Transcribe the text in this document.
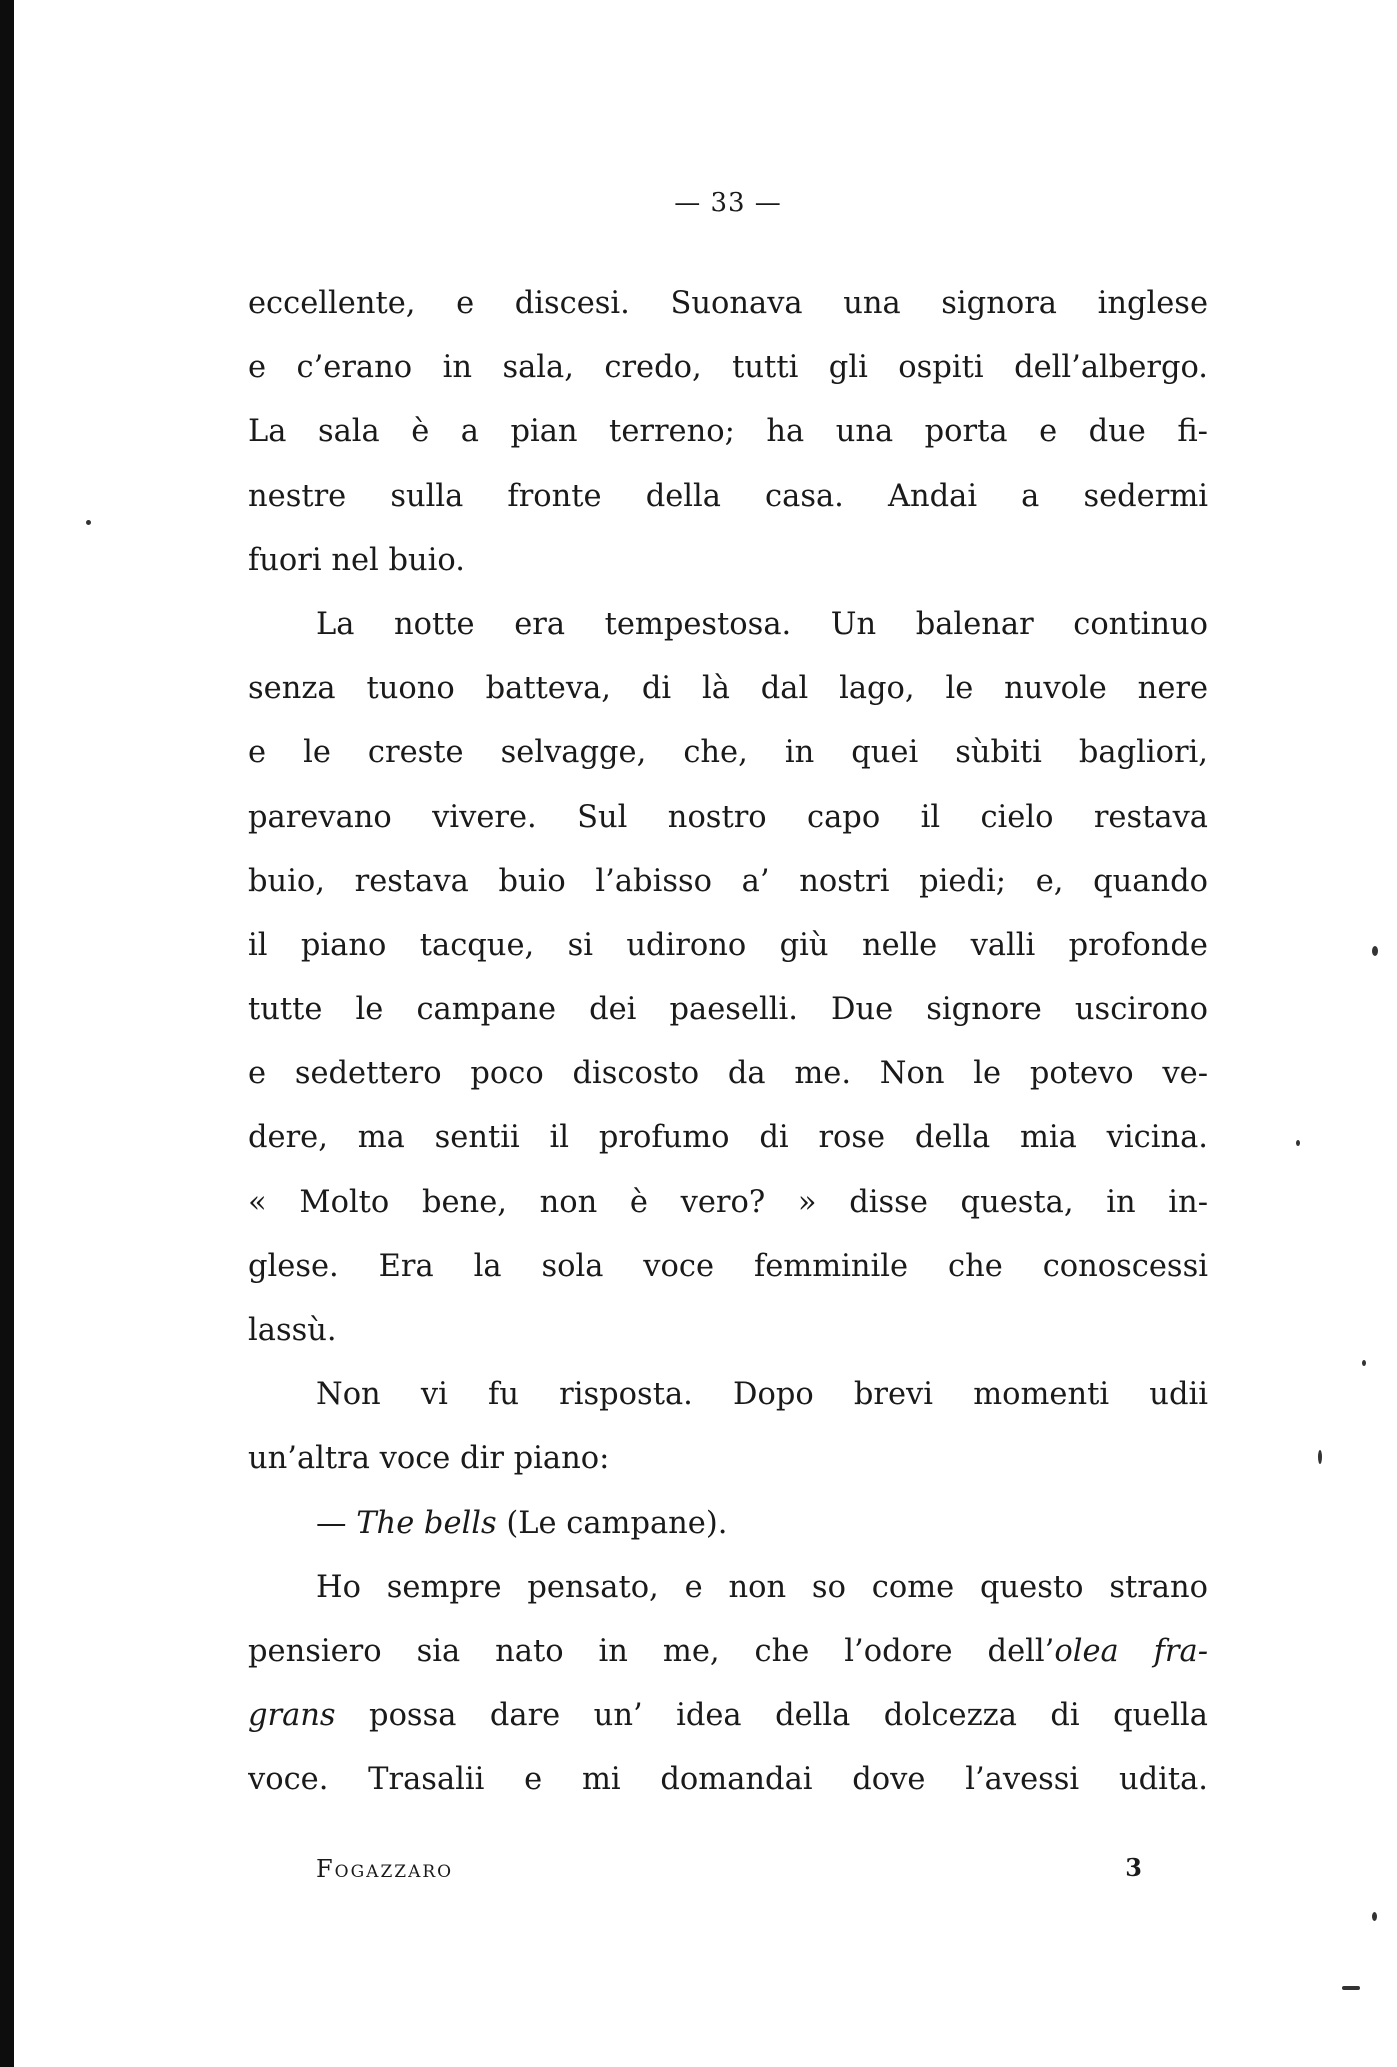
— 33 —
eccellente, e discesi. Suonava una signora inglese
e c’erano in sala, credo, tutti gli ospiti dell’albergo.
La sala è a pian terreno; ha una porta e due fi-
nestre sulla fronte della casa. Andai a sedermi
fuori nel buio.
La notte era tempestosa. Un balenar continuo
senza tuono batteva, di là dal lago, le nuvole nere
e le creste selvagge, che, in quei sùbiti bagliori,
parevano vivere. Sul nostro capo il cielo restava
buio, restava buio l’abisso a’ nostri piedi; e, quando
il piano tacque, si udirono giù nelle valli profonde
tutte le campane dei paeselli. Due signore uscirono
e sedettero poco discosto da me. Non le potevo ve-
dere, ma sentii il profumo di rose della mia vicina.
« Molto bene, non è vero? » disse questa, in in-
glese. Era la sola voce femminile che conoscessi
lassù.
Non vi fu risposta. Dopo brevi momenti udii
un’altra voce dir piano:
— The bells (Le campane).
Ho sempre pensato, e non so come questo strano
pensiero sia nato in me, che l’odore dell’olea fra-
grans possa dare un’ idea della dolcezza di quella
voce. Trasalii e mi domandai dove l’avessi udita.
Fogazzaro	3
